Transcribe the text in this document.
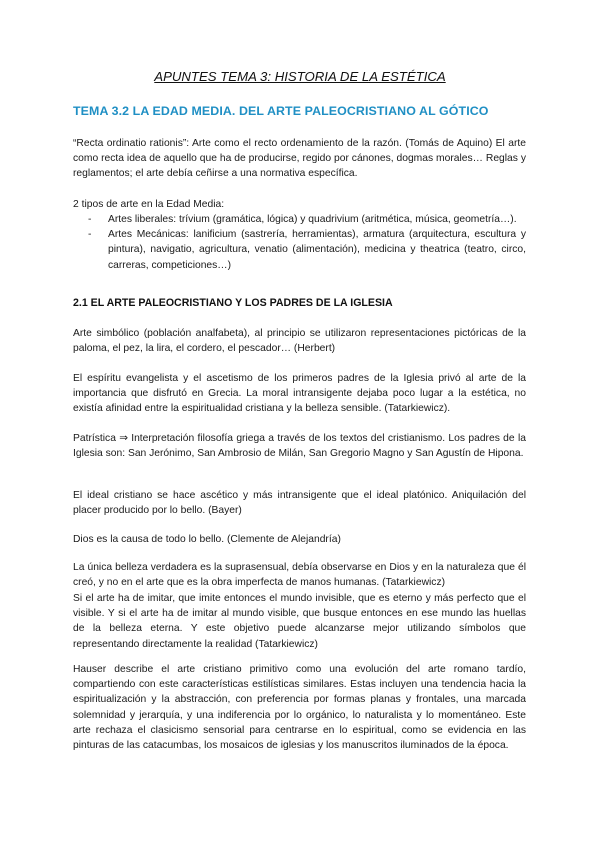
APUNTES TEMA 3: HISTORIA DE LA ESTÉTICA
TEMA 3.2 LA EDAD MEDIA. DEL ARTE PALEOCRISTIANO AL GÓTICO

“Recta ordinatio rationis”: Arte como el recto ordenamiento de la razón. (Tomás de Aquino) El arte como recta idea de aquello que ha de producirse, regido por cánones, dogmas morales… Reglas y reglamentos; el arte debía ceñirse a una normativa específica.

2 tipos de arte en la Edad Media:

- Artes liberales: trívium (gramática, lógica) y quadrivium (aritmética, música, geometría…).
- Artes Mecánicas: lanificium (sastrería, herramientas), armatura (arquitectura, escultura y pintura), navigatio, agricultura, venatio (alimentación), medicina y theatrica (teatro, circo, carreras, competiciones…)
2.1 EL ARTE PALEOCRISTIANO Y LOS PADRES DE LA IGLESIA

Arte simbólico (población analfabeta), al principio se utilizaron representaciones pictóricas de la paloma, el pez, la lira, el cordero, el pescador… (Herbert)

El espíritu evangelista y el ascetismo de los primeros padres de la Iglesia privó al arte de la importancia que disfrutó en Grecia. La moral intransigente dejaba poco lugar a la estética, no existía afinidad entre la espiritualidad cristiana y la belleza sensible. (Tatarkiewicz).

Patrística ⇒ Interpretación filosofía griega a través de los textos del cristianismo. Los padres de la Iglesia son: San Jerónimo, San Ambrosio de Milán, San Gregorio Magno y San Agustín de Hipona.

El ideal cristiano se hace ascético y más intransigente que el ideal platónico. Aniquilación del placer producido por lo bello. (Bayer)

Dios es la causa de todo lo bello. (Clemente de Alejandría)

La única belleza verdadera es la suprasensual, debía observarse en Dios y en la naturaleza que él creó, y no en el arte que es la obra imperfecta de manos humanas. (Tatarkiewicz)

Si el arte ha de imitar, que imite entonces el mundo invisible, que es eterno y más perfecto que el visible. Y si el arte ha de imitar al mundo visible, que busque entonces en ese mundo las huellas de la belleza eterna. Y este objetivo puede alcanzarse mejor utilizando símbolos que representando directamente la realidad (Tatarkiewicz)

Hauser describe el arte cristiano primitivo como una evolución del arte romano tardío, compartiendo con este características estilísticas similares. Estas incluyen una tendencia hacia la espiritualización y la abstracción, con preferencia por formas planas y frontales, una marcada solemnidad y jerarquía, y una indiferencia por lo orgánico, lo naturalista y lo momentáneo. Este arte rechaza el clasicismo sensorial para centrarse en lo espiritual, como se evidencia en las pinturas de las catacumbas, los mosaicos de iglesias y los manuscritos iluminados de la época.
